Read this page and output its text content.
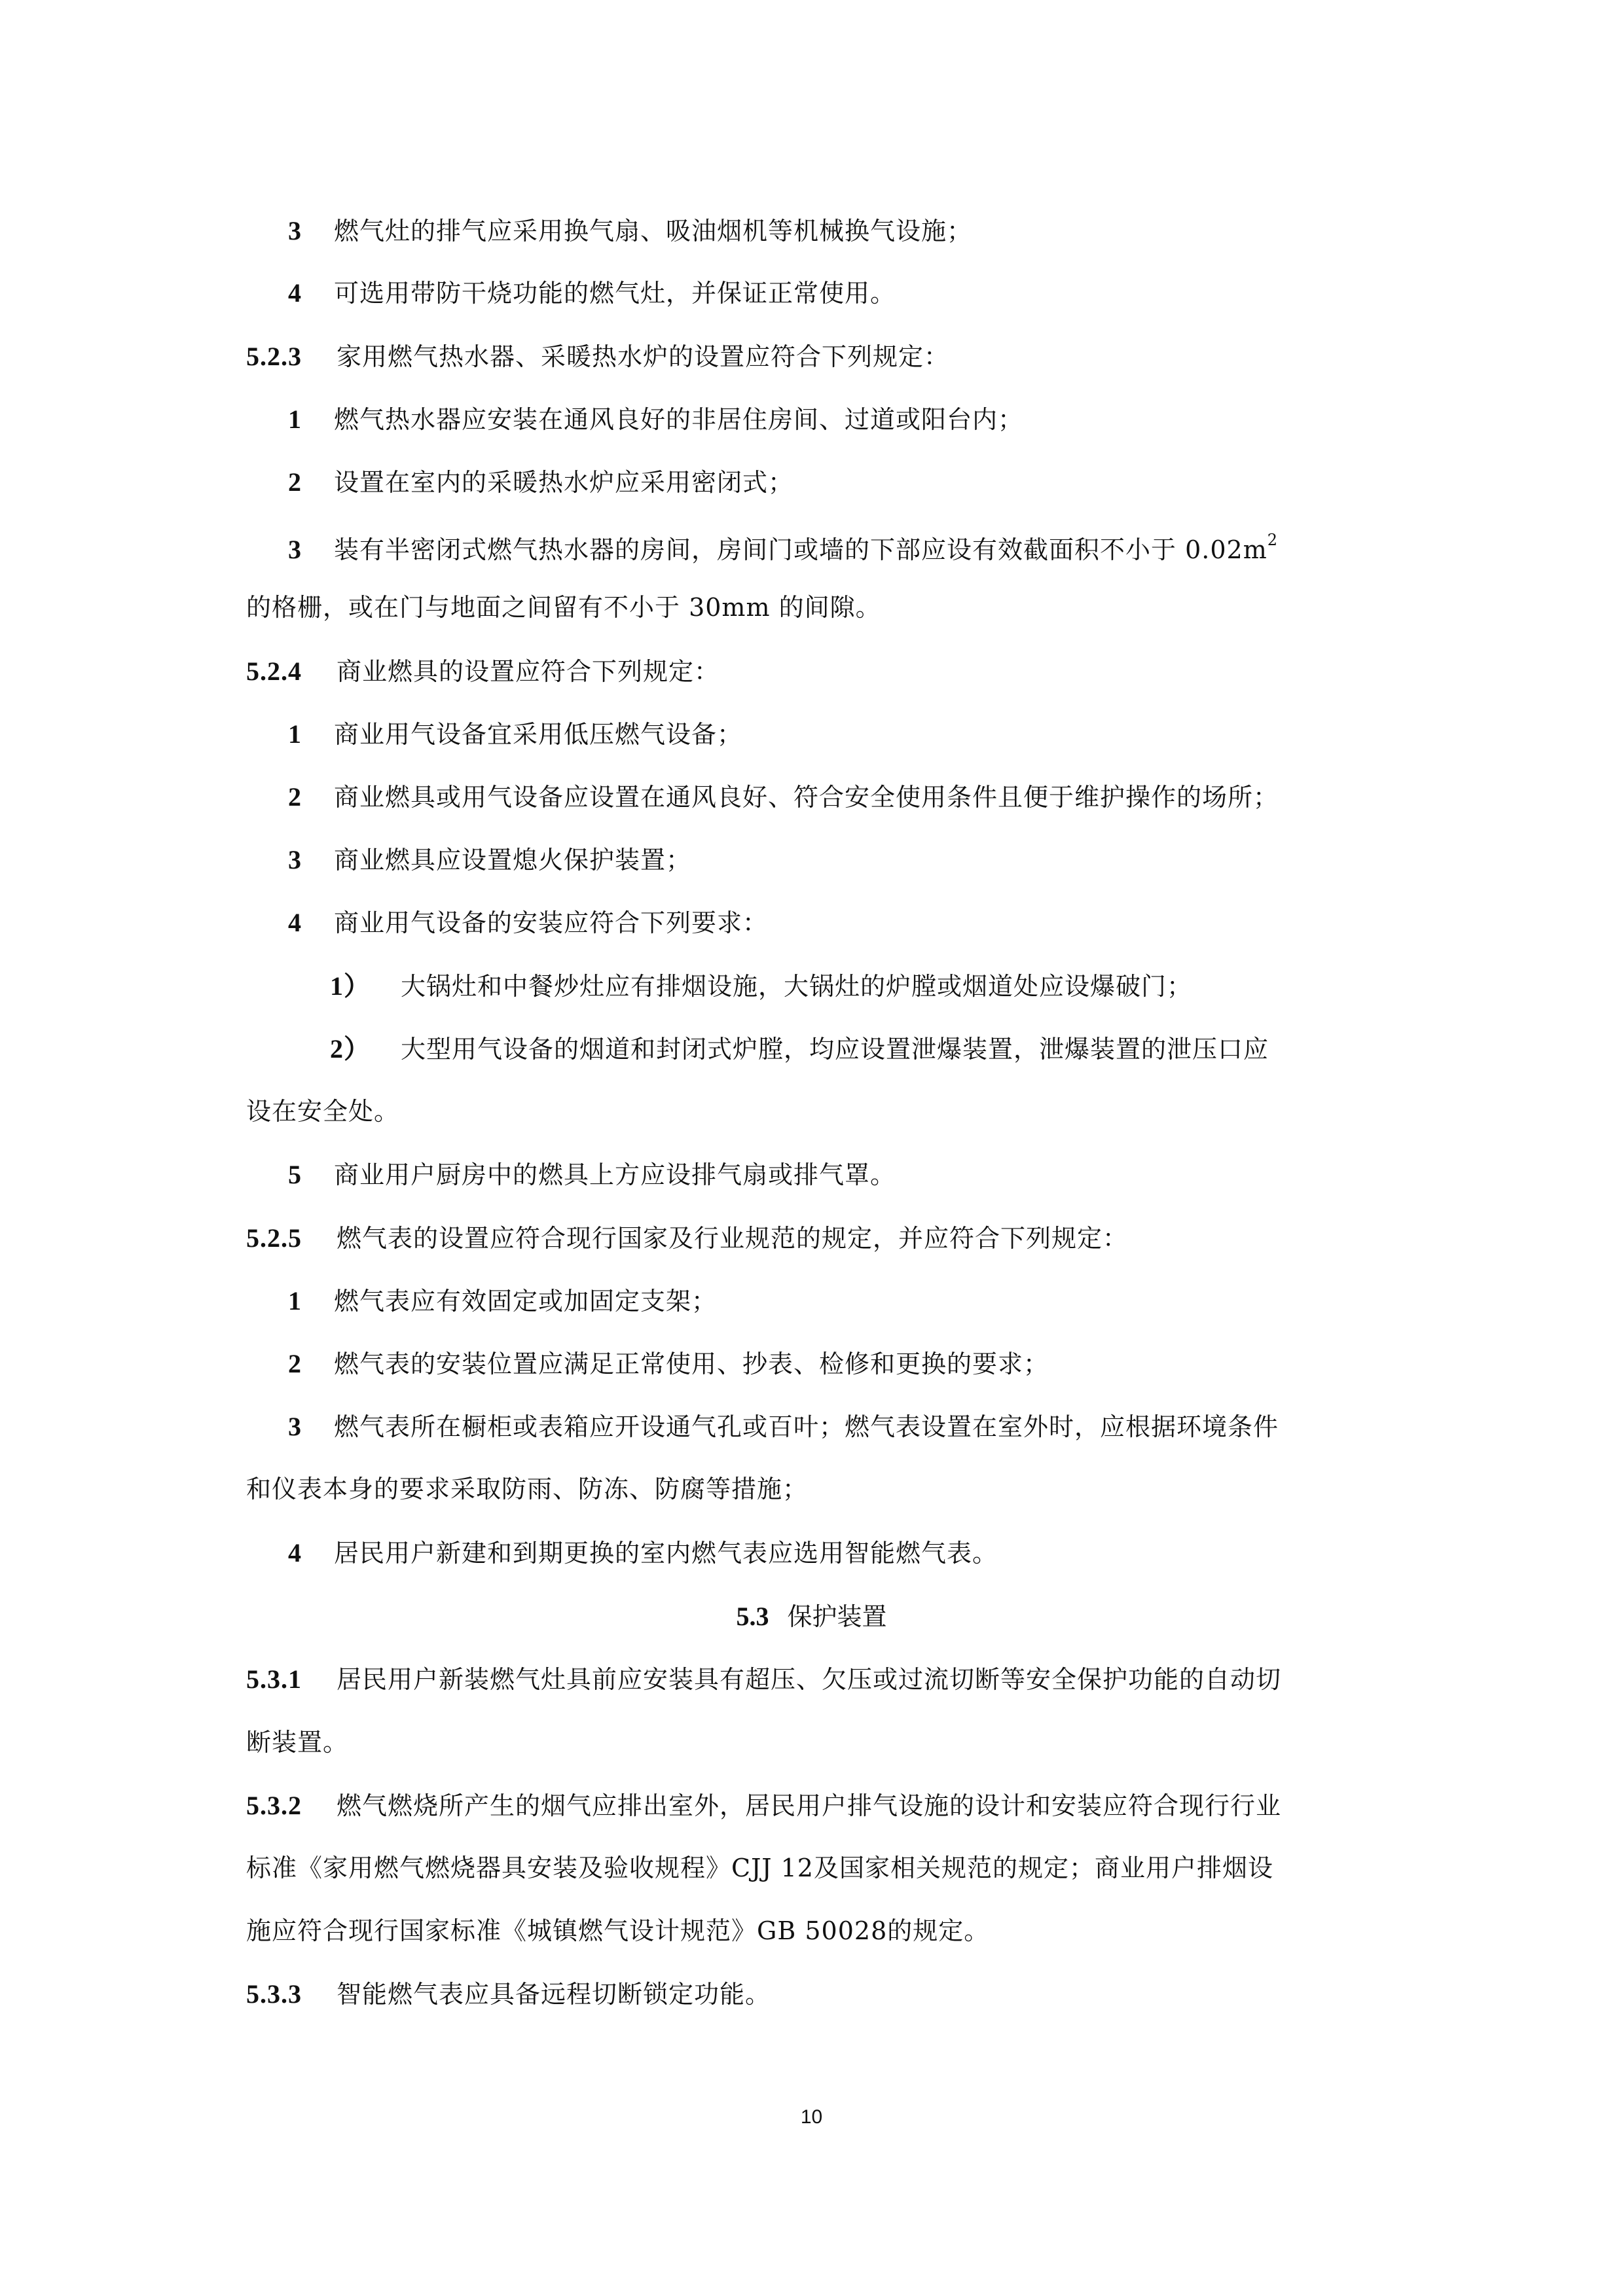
3 燃气灶的排气应采用换气扇、吸油烟机等机械换气设施；
4 可选用带防干烧功能的燃气灶，并保证正常使用。
5.2.3 家用燃气热水器、采暖热水炉的设置应符合下列规定：
1 燃气热水器应安装在通风良好的非居住房间、过道或阳台内；
2 设置在室内的采暖热水炉应采用密闭式；
3 装有半密闭式燃气热水器的房间，房间门或墙的下部应设有效截面积不小于 $0.02m^2$
的格栅，或在门与地面之间留有不小于 30mm 的间隙。
5.2.4 商业燃具的设置应符合下列规定：
1 商业用气设备宜采用低压燃气设备；
2 商业燃具或用气设备应设置在通风良好、符合安全使用条件且便于维护操作的场所；
3 商业燃具应设置熄火保护装置；
4 商业用气设备的安装应符合下列要求：
1） 大锅灶和中餐炒灶应有排烟设施，大锅灶的炉膛或烟道处应设爆破门；
2） 大型用气设备的烟道和封闭式炉膛，均应设置泄爆装置，泄爆装置的泄压口应
设在安全处。
5 商业用户厨房中的燃具上方应设排气扇或排气罩。
5.2.5 燃气表的设置应符合现行国家及行业规范的规定，并应符合下列规定：
1 燃气表应有效固定或加固定支架；
2 燃气表的安装位置应满足正常使用、抄表、检修和更换的要求；
3 燃气表所在橱柜或表箱应开设通气孔或百叶；燃气表设置在室外时，应根据环境条件
和仪表本身的要求采取防雨、防冻、防腐等措施；
4 居民用户新建和到期更换的室内燃气表应选用智能燃气表。
5.3 保护装置
5.3.1 居民用户新装燃气灶具前应安装具有超压、欠压或过流切断等安全保护功能的自动切
断装置。
5.3.2 燃气燃烧所产生的烟气应排出室外，居民用户排气设施的设计和安装应符合现行行业
标准《家用燃气燃烧器具安装及验收规程》CJJ 12及国家相关规范的规定；商业用户排烟设
施应符合现行国家标准《城镇燃气设计规范》GB 50028的规定。
5.3.3 智能燃气表应具备远程切断锁定功能。
10
